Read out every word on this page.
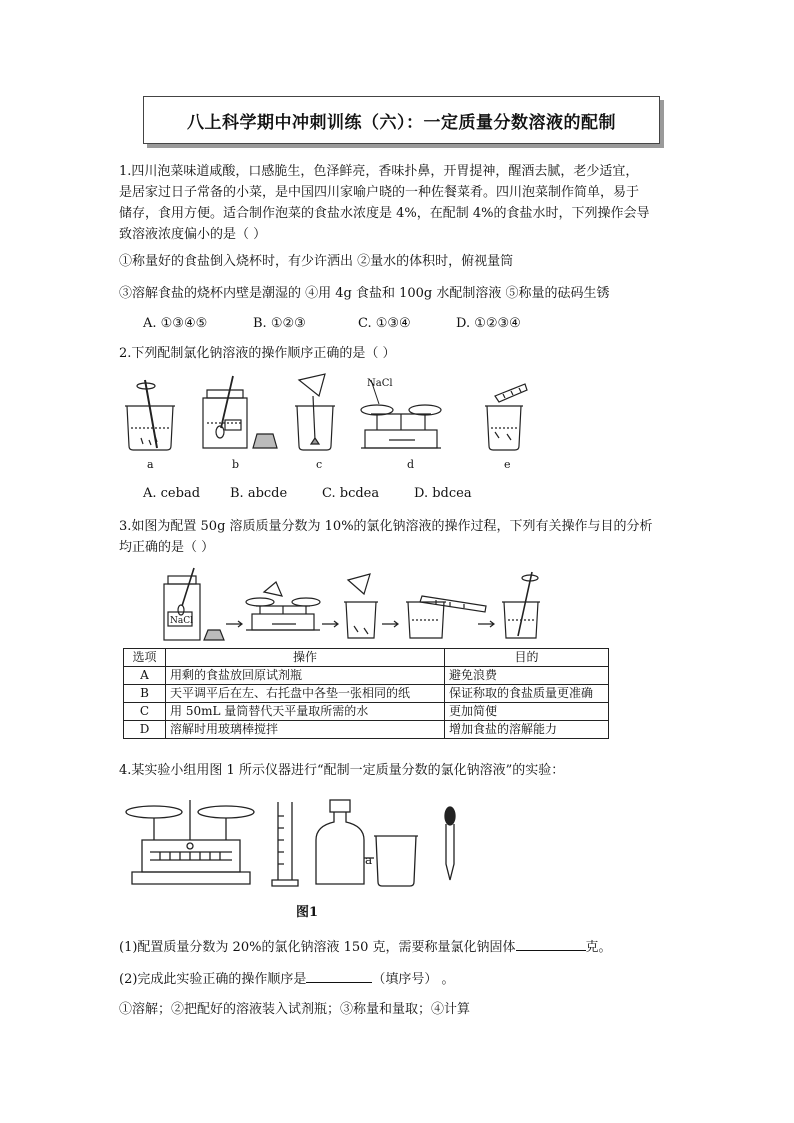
八上科学期中冲刺训练（六）：一定质量分数溶液的配制
1.四川泡菜味道咸酸，口感脆生，色泽鲜亮，香味扑鼻，开胃提神，醒酒去腻，老少适宜，
是居家过日子常备的小菜，是中国四川家喻户晓的一种佐餐菜肴。四川泡菜制作简单，易于
储存，食用方便。适合制作泡菜的食盐水浓度是 4%，在配制 4%的食盐水时，下列操作会导
致溶液浓度偏小的是（ ）
①称量好的食盐倒入烧杯时，有少许洒出 ②量水的体积时，俯视量筒
③溶解食盐的烧杯内壁是潮湿的 ④用 4g 食盐和 100g 水配制溶液 ⑤称量的砝码生锈
A. ①③④⑤	B. ①②③	C. ①③④	D. ①②③④
2.下列配制氯化钠溶液的操作顺序正确的是（ ）
NaCl
a	b	c	d	e
A. cebad B. abcde	C. bcdea	D. bdcea
3.如图为配置 50g 溶质质量分数为 10%的氯化钠溶液的操作过程，下列有关操作与目的分析
均正确的是（ ）
NaCl
选项	操作	目的
A	用剩的食盐放回原试剂瓶	避免浪费
B	天平调平后在左、右托盘中各垫一张相同的纸	保证称取的食盐质量更准确
C	用 50mL 量筒替代天平量取所需的水	更加简便
D	溶解时用玻璃棒搅拌	增加食盐的溶解能力
4.某实验小组用图 1 所示仪器进行“配制一定质量分数的氯化钠溶液”的实验：
a
图1
(1)配置质量分数为 20%的氯化钠溶液 150 克，需要称量氯化钠固体	克。
(2)完成此实验正确的操作顺序是	（填序号） 。
①溶解；②把配好的溶液装入试剂瓶；③称量和量取；④计算
